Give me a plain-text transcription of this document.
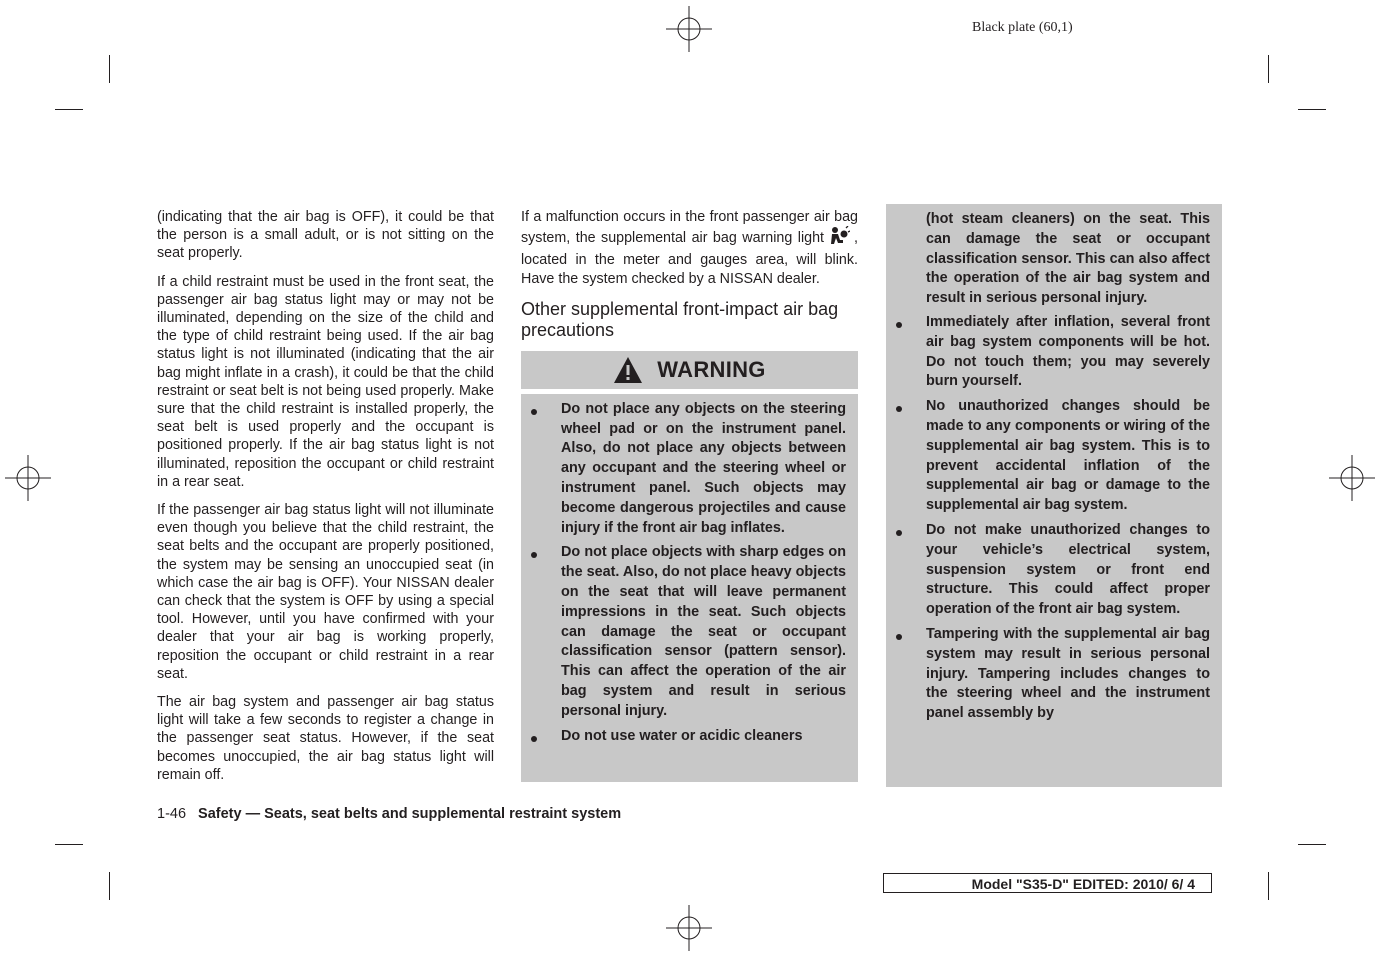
Black plate (60,1)

(indicating that the air bag is OFF), it could be that the person is a small adult, or is not sitting on the seat properly.

If a child restraint must be used in the front seat, the passenger air bag status light may or may not be illuminated, depending on the size of the child and the type of child restraint being used. If the air bag status light is not illuminated (indicating that the air bag might inflate in a crash), it could be that the child restraint or seat belt is not being used properly. Make sure that the child restraint is installed properly, the seat belt is used properly and the occupant is positioned properly. If the air bag status light is not illuminated, reposition the occupant or child restraint in a rear seat.

If the passenger air bag status light will not illuminate even though you believe that the child restraint, the seat belts and the occupant are properly positioned, the system may be sensing an unoccupied seat (in which case the air bag is OFF). Your NISSAN dealer can check that the system is OFF by using a special tool. However, until you have confirmed with your dealer that your air bag is working properly, reposition the occupant or child restraint in a rear seat.

The air bag system and passenger air bag status light will take a few seconds to register a change in the passenger seat status. However, if the seat becomes unoccupied, the air bag status light will remain off.

If a malfunction occurs in the front passenger air bag system, the supplemental air bag warning light , located in the meter and gauges area, will blink. Have the system checked by a NISSAN dealer.

Other supplemental front-impact air bag precautions
WARNING
Do not place any objects on the steering wheel pad or on the instrument panel. Also, do not place any objects between any occupant and the steering wheel or instrument panel. Such objects may become dangerous projectiles and cause injury if the front air bag inflates.
Do not place objects with sharp edges on the seat. Also, do not place heavy objects on the seat that will leave permanent impressions in the seat. Such objects can damage the seat or occupant classification sensor (pattern sensor). This can affect the operation of the air bag system and result in serious personal injury.
Do not use water or acidic cleaners
(hot steam cleaners) on the seat. This can damage the seat or occupant classification sensor. This can also affect the operation of the air bag system and result in serious personal injury.
Immediately after inflation, several front air bag system components will be hot. Do not touch them; you may severely burn yourself.
No unauthorized changes should be made to any components or wiring of the supplemental air bag system. This is to prevent accidental inflation of the supplemental air bag or damage to the supplemental air bag system.
Do not make unauthorized changes to your vehicle’s electrical system, suspension system or front end structure. This could affect proper operation of the front air bag system.
Tampering with the supplemental air bag system may result in serious personal injury. Tampering includes changes to the steering wheel and the instrument panel assembly by
1-46 Safety — Seats, seat belts and supplemental restraint system
Model "S35-D" EDITED: 2010/ 6/ 4
